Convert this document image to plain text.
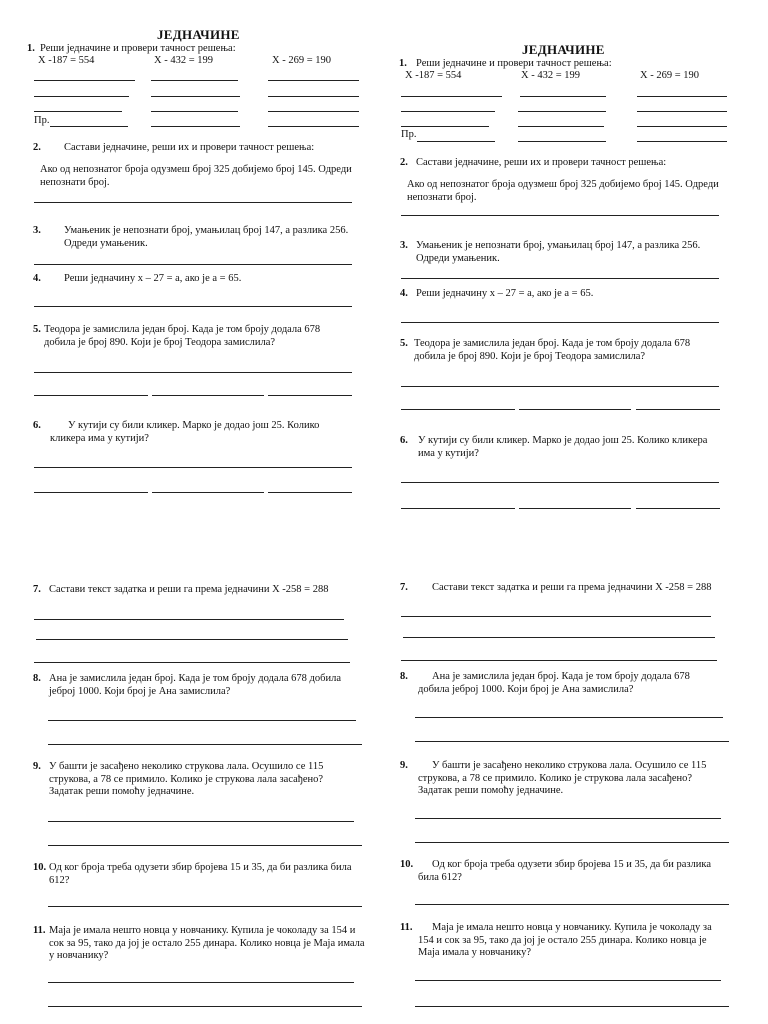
ЈЕДНАЧИНЕ
1. Реши једначине и провери тачност решења:
X -187 = 554	X - 432 = 199	X - 269 = 190
Пр.
2. Састави једначине, реши их и провери тачност решења:
Ако од непознатог броја одузмеш број 325 добијемо број 145. Одреди непознати број.
3. Умањеник је непознати број, умањилац број 147, а разлика 256. Одреди умањеник.
4. Реши једначину x – 27 = a, ако је a = 65.
5. Теодора је замислила један број. Када је том броју додала 678 добила је број 890. Који је број Теодора замислила?
6.	У кутији су били кликер. Марко је додао још 25. Колико кликера има у кутији?
7. Састави текст задатка и реши га према једначини X -258 = 288
8. Ана је замислила један број. Када је том броју додала 678 добила јеброј 1000. Који број је Ана замислила?
9. У башти је засађено неколико струкова лала. Осушило се 115 струкова, а 78 се примило. Колико је струкова лала засађено? Задатак реши помоћу једначине.
10. Од ког броја треба одузети збир бројева 15 и 35, да би разлика била 612?
11. Маја је имала нешто новца у новчанику. Купила је чоколаду за 154 и сок за 95, тако да јој је остало 255 динара. Колико новца је Маја имала у новчанику?
ЈЕДНАЧИНЕ
1. Реши једначине и провери тачност решења:
X -187 = 554	X - 432 = 199	X - 269 = 190
Пр.
2. Састави једначине, реши их и провери тачност решења:
Ако од непознатог броја одузмеш број 325 добијемо број 145. Одреди непознати број.
3. Умањеник је непознати број, умањилац број 147, а разлика 256. Одреди умањеник.
4. Реши једначину x – 27 = a, ако је a = 65.
5. Теодора је замислила један број. Када је том броју додала 678 добила је број 890. Који је број Теодора замислила?
6. У кутији су били кликер. Марко је додао још 25. Колико кликера има у кутији?
7. Састави текст задатка и реши га према једначини X -258 = 288
8.	Ана је замислила један број. Када је том броју додала 678 добила јеброј 1000. Који број је Ана замислила?
9.	У башти је засађено неколико струкова лала. Осушило се 115 струкова, а 78 се примило. Колико је струкова лала засађено? Задатак реши помоћу једначине.
10.	Од ког броја треба одузети збир бројева 15 и 35, да би разлика била 612?
11.	Маја је имала нешто новца у новчанику. Купила је чоколаду за 154 и сок за 95, тако да јој је остало 255 динара. Колико новца је Маја имала у новчанику?
